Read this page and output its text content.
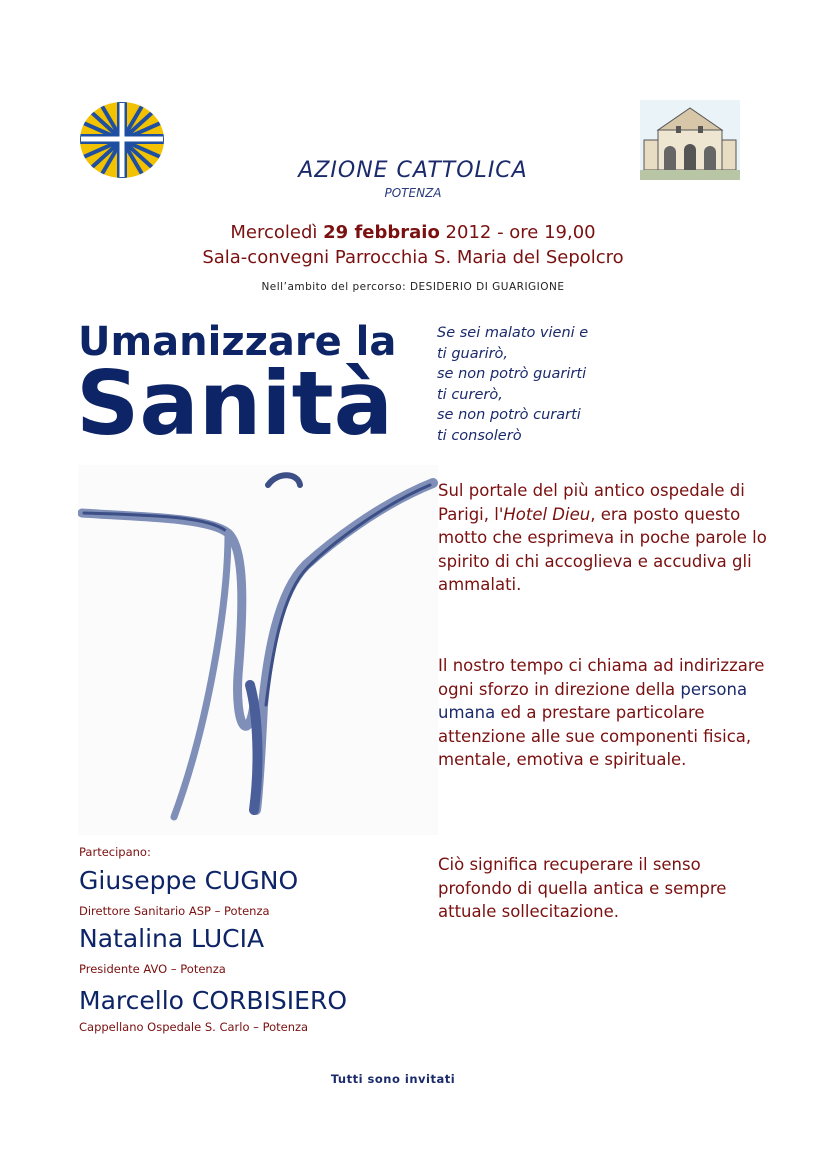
AZIONE CATTOLICA
POTENZA
Mercoledì 29 febbraio 2012 - ore 19,00
Sala-convegni Parrocchia S. Maria del Sepolcro
Nell’ambito del percorso: DESIDERIO DI GUARIGIONE
Umanizzare la
Sanità
Se sei malato vieni e
ti guarirò,
se non potrò guarirti
ti curerò,
se non potrò curarti
ti consolerò
Sul portale del più antico ospedale di Parigi, l'Hotel Dieu, era posto questo motto che esprimeva in poche parole lo spirito di chi accoglieva e accudiva gli ammalati.
Il nostro tempo ci chiama ad indirizzare ogni sforzo in direzione della persona umana ed a prestare particolare attenzione alle sue componenti fisica, mentale, emotiva e spirituale.
Ciò significa recuperare il senso profondo di quella antica e sempre attuale sollecitazione.
Partecipano:
Giuseppe CUGNO
Direttore Sanitario ASP – Potenza
Natalina LUCIA
Presidente AVO – Potenza
Marcello CORBISIERO
Cappellano Ospedale S. Carlo – Potenza
Tutti sono invitati
